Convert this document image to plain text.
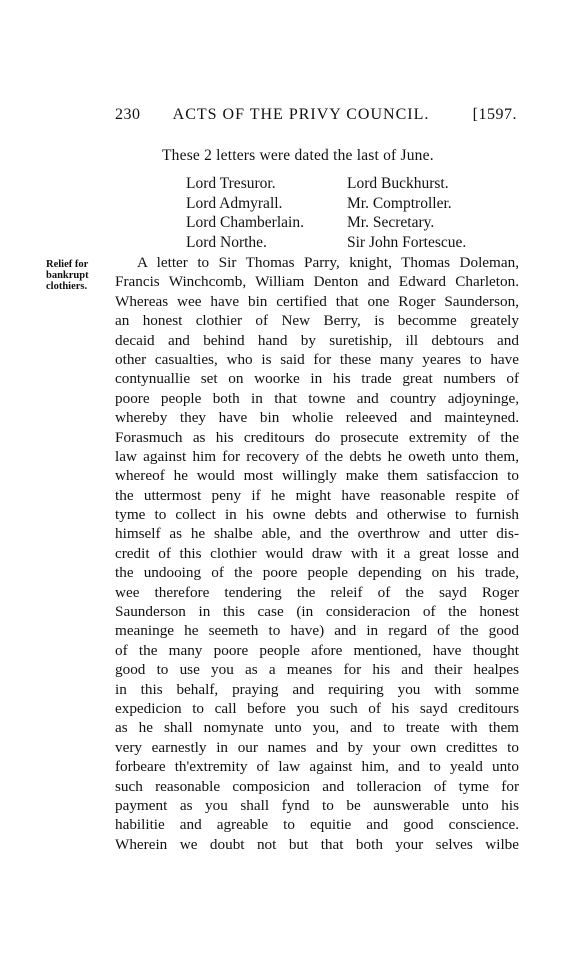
230	ACTS OF THE PRIVY COUNCIL.	[1597.
These 2 letters were dated the last of June.
Lord Tresuror.	Lord Buckhurst.
Lord Admyrall.	Mr. Comptroller.
Lord Chamberlain.	Mr. Secretary.
Lord Northe.	Sir John Fortescue.
Relief for
bankrupt
clothiers.
A letter to Sir Thomas Parry, knight, Thomas Doleman,
Francis Winchcomb, William Denton and Edward Charleton.
Whereas wee have bin certified that one Roger Saunderson,
an honest clothier of New Berry, is becomme greately
decaid and behind hand by suretiship, ill debtours and
other casualties, who is said for these many yeares to have
contynuallie set on woorke in his trade great numbers of
poore people both in that towne and country adjoyninge,
whereby they have bin wholie releeved and mainteyned.
Forasmuch as his creditours do prosecute extremity of the
law against him for recovery of the debts he oweth unto them,
whereof he would most willingly make them satisfaccion to
the uttermost peny if he might have reasonable respite of
tyme to collect in his owne debts and otherwise to furnish
himself as he shalbe able, and the overthrow and utter dis-
credit of this clothier would draw with it a great losse and
the undooing of the poore people depending on his trade,
wee therefore tendering the releif of the sayd Roger
Saunderson in this case (in consideracion of the honest
meaninge he seemeth to have) and in regard of the good
of the many poore people afore mentioned, have thought
good to use you as a meanes for his and their healpes
in this behalf, praying and requiring you with somme
expedicion to call before you such of his sayd creditours
as he shall nomynate unto you, and to treate with them
very earnestly in our names and by your own credittes to
forbeare th'extremity of law against him, and to yeald unto
such reasonable composicion and tolleracion of tyme for
payment as you shall fynd to be aunswerable unto his
habilitie and agreable to equitie and good conscience.
Wherein we doubt not but that both your selves wilbe
